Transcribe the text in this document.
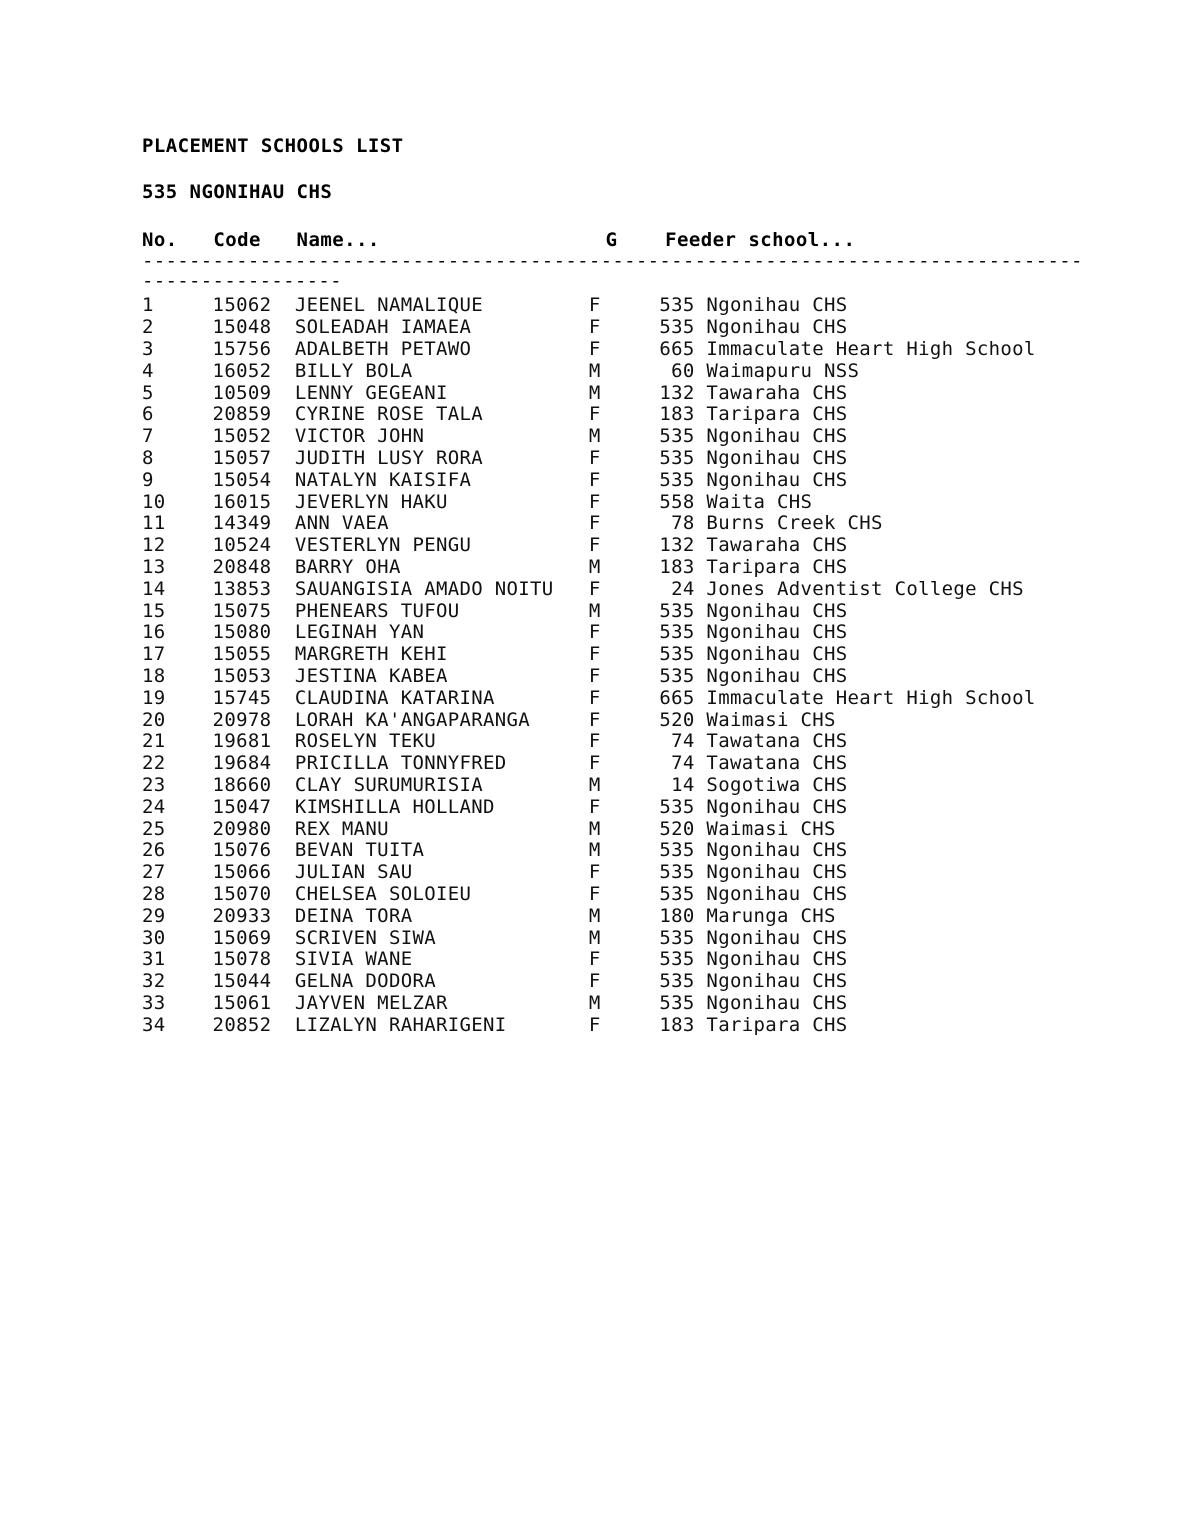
PLACEMENT SCHOOLS LIST
535 NGONIHAU CHS
No.   Code   Name...                   G    Feeder school...
--------------------------------------------------------------------------------
-----------------
1     15062  JEENEL NAMALIQUE         F     535 Ngonihau CHS
2     15048  SOLEADAH IAMAEA          F     535 Ngonihau CHS
3     15756  ADALBETH PETAWO          F     665 Immaculate Heart High School
4     16052  BILLY BOLA               M      60 Waimapuru NSS
5     10509  LENNY GEGEANI            M     132 Tawaraha CHS
6     20859  CYRINE ROSE TALA         F     183 Taripara CHS
7     15052  VICTOR JOHN              M     535 Ngonihau CHS
8     15057  JUDITH LUSY RORA         F     535 Ngonihau CHS
9     15054  NATALYN KAISIFA          F     535 Ngonihau CHS
10    16015  JEVERLYN HAKU            F     558 Waita CHS
11    14349  ANN VAEA                 F      78 Burns Creek CHS
12    10524  VESTERLYN PENGU          F     132 Tawaraha CHS
13    20848  BARRY OHA                M     183 Taripara CHS
14    13853  SAUANGISIA AMADO NOITU   F      24 Jones Adventist College CHS
15    15075  PHENEARS TUFOU           M     535 Ngonihau CHS
16    15080  LEGINAH YAN              F     535 Ngonihau CHS
17    15055  MARGRETH KEHI            F     535 Ngonihau CHS
18    15053  JESTINA KABEA            F     535 Ngonihau CHS
19    15745  CLAUDINA KATARINA        F     665 Immaculate Heart High School
20    20978  LORAH KA'ANGAPARANGA     F     520 Waimasi CHS
21    19681  ROSELYN TEKU             F      74 Tawatana CHS
22    19684  PRICILLA TONNYFRED       F      74 Tawatana CHS
23    18660  CLAY SURUMURISIA         M      14 Sogotiwa CHS
24    15047  KIMSHILLA HOLLAND        F     535 Ngonihau CHS
25    20980  REX MANU                 M     520 Waimasi CHS
26    15076  BEVAN TUITA              M     535 Ngonihau CHS
27    15066  JULIAN SAU               F     535 Ngonihau CHS
28    15070  CHELSEA SOLOIEU          F     535 Ngonihau CHS
29    20933  DEINA TORA               M     180 Marunga CHS
30    15069  SCRIVEN SIWA             M     535 Ngonihau CHS
31    15078  SIVIA WANE               F     535 Ngonihau CHS
32    15044  GELNA DODORA             F     535 Ngonihau CHS
33    15061  JAYVEN MELZAR            M     535 Ngonihau CHS
34    20852  LIZALYN RAHARIGENI       F     183 Taripara CHS
